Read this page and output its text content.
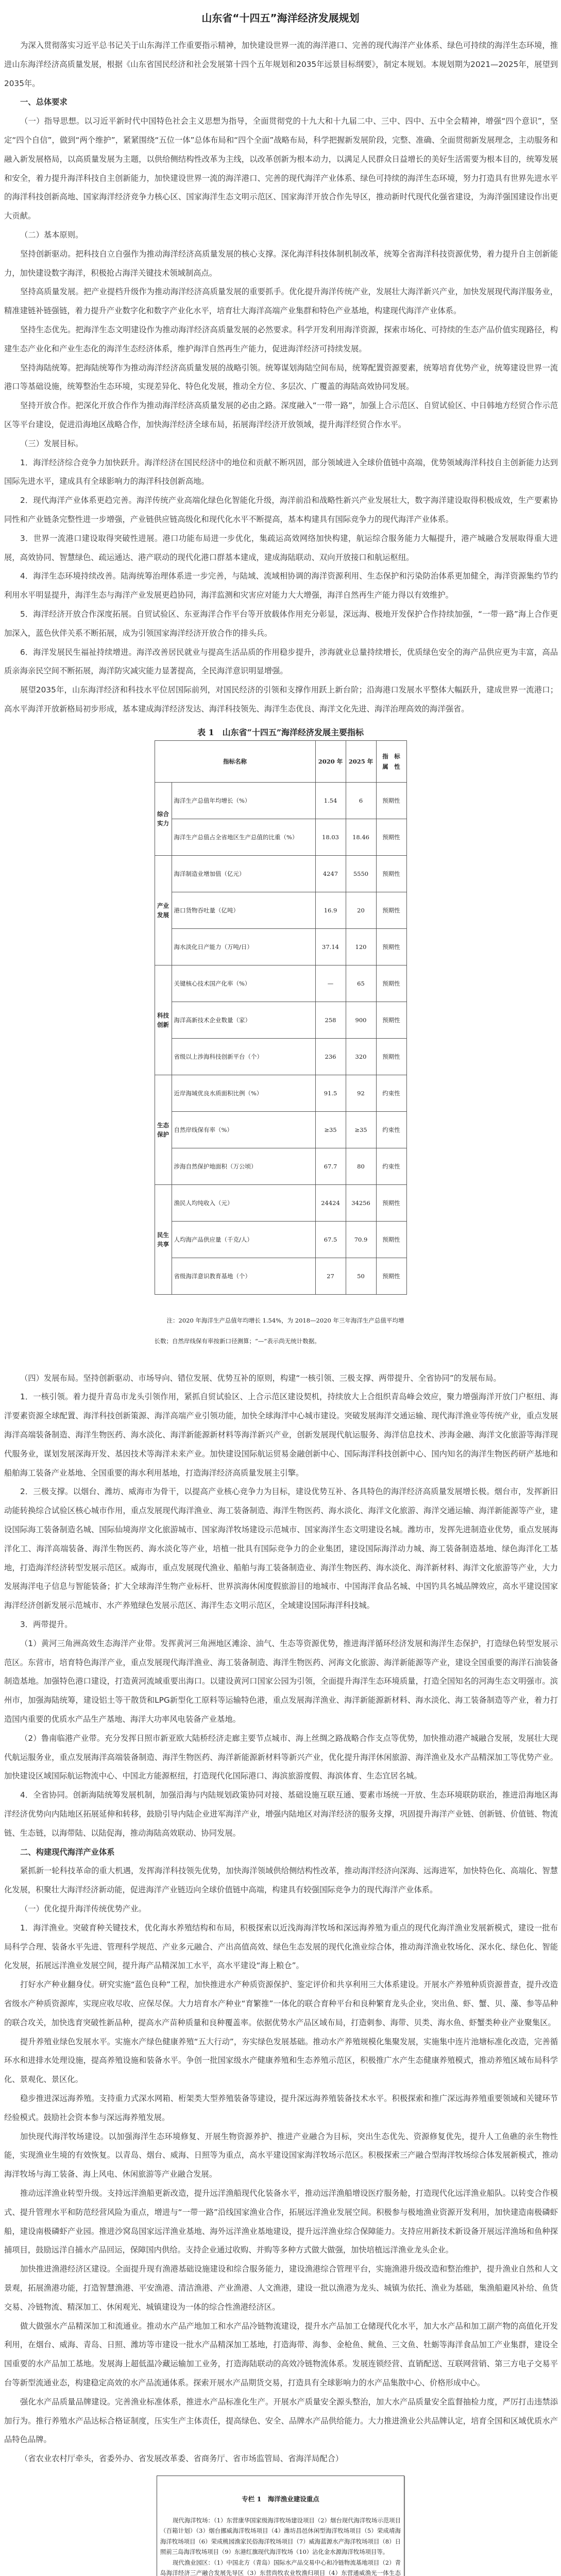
山东省“十四五”海洋经济发展规划

为深入贯彻落实习近平总书记关于山东海洋工作重要指示精神，加快建设世界一流的海洋港口、完善的现代海洋产业体系、绿色可持续的海洋生态环境，推进山东海洋经济高质量发展，根据《山东省国民经济和社会发展第十四个五年规划和2035年远景目标纲要》，制定本规划。本规划期为2021—2025年，展望到2035年。

一、总体要求

（一）指导思想。以习近平新时代中国特色社会主义思想为指导，全面贯彻党的十九大和十九届二中、三中、四中、五中全会精神，增强“四个意识”，坚定“四个自信”，做到“两个维护”，紧紧围绕“五位一体”总体布局和“四个全面”战略布局，科学把握新发展阶段，完整、准确、全面贯彻新发展理念，主动服务和融入新发展格局，以高质量发展为主题，以供给侧结构性改革为主线，以改革创新为根本动力，以满足人民群众日益增长的美好生活需要为根本目的，统筹发展和安全，着力提升海洋科技自主创新能力，加快建设世界一流的海洋港口、完善的现代海洋产业体系、绿色可持续的海洋生态环境，努力打造具有世界先进水平的海洋科技创新高地、国家海洋经济竞争力核心区、国家海洋生态文明示范区、国家海洋开放合作先导区，推动新时代现代化强省建设，为海洋强国建设作出更大贡献。

（二）基本原则。

坚持创新驱动。把科技自立自强作为推动海洋经济高质量发展的核心支撑。深化海洋科技体制机制改革，统筹全省海洋科技资源优势，着力提升自主创新能力，加快建设数字海洋，积极抢占海洋关键技术领域制高点。

坚持高质量发展。把产业提档升级作为推动海洋经济高质量发展的重要抓手。优化提升海洋传统产业，发展壮大海洋新兴产业，加快发展现代海洋服务业，精准建链补链强链，着力提升产业数字化和数字产业化水平，培育壮大海洋高端产业集群和特色产业基地，构建现代海洋产业体系。

坚持生态优先。把海洋生态文明建设作为推动海洋经济高质量发展的必然要求。科学开发利用海洋资源，探索市场化、可持续的生态产品价值实现路径，构建生态产业化和产业生态化的海洋生态经济体系，维护海洋自然再生产能力，促进海洋经济可持续发展。

坚持海陆统筹。把海陆统筹作为推动海洋经济高质量发展的战略引领。统筹谋划海陆空间布局，统筹配置资源要素，统筹培育优势产业，统筹建设世界一流港口等基础设施，统筹整治生态环境，实现差异化、特色化发展，推动全方位、多层次、广覆盖的海陆高效协同发展。

坚持开放合作。把深化开放合作作为推动海洋经济高质量发展的必由之路。深度融入“一带一路”，加强上合示范区、自贸试验区、中日韩地方经贸合作示范区等平台建设，促进沿海地区战略合作，加快海洋经济全球布局，拓展海洋经济开放领域，提升海洋经贸合作水平。

（三）发展目标。

1．海洋经济综合竞争力加快跃升。海洋经济在国民经济中的地位和贡献不断巩固，部分领域进入全球价值链中高端，优势领域海洋科技自主创新能力达到国际先进水平，建成具有全球影响力的海洋科技创新高地。

2．现代海洋产业体系更趋完善。海洋传统产业高端化绿色化智能化升级，海洋前沿和战略性新兴产业发展壮大，数字海洋建设取得积极成效，生产要素协同性和产业链条完整性进一步增强，产业链供应链高级化和现代化水平不断提高，基本构建具有国际竞争力的现代海洋产业体系。

3．世界一流港口建设取得突破性进展。港口功能布局进一步优化，集疏运高效网络加快构建，航运综合服务能力大幅提升，港产城融合发展取得重大进展，高效协同、智慧绿色、疏运通达、港产联动的现代化港口群基本建成，建成海陆联动、双向开放接口和航运枢纽。

4．海洋生态环境持续改善。陆海统筹治理体系进一步完善，与陆域、流域相协调的海洋资源利用、生态保护和污染防治体系更加健全，海洋资源集约节约利用水平明显提升，海洋生态与海洋产业发展更趋协同，海洋监测和灾害应对能力大大增强，海洋自然再生产能力得以有效维护。

5．海洋经济开放合作深度拓展。自贸试验区、东亚海洋合作平台等开放载体作用充分彰显，深远海、极地开发保护合作持续加强，“一带一路”海上合作更加深入，蓝色伙伴关系不断拓展，成为引领国家海洋经济开放合作的排头兵。

6．海洋发展民生福祉持续增进。海洋改善居民就业与提高生活品质的作用稳步提升，涉海就业总量持续增长，优质绿色安全的海产品供应更为丰富，高品质亲海亲民空间不断拓展，海洋防灾减灾能力显著提高，全民海洋意识明显增强。

展望2035年，山东海洋经济和科技水平位居国际前列，对国民经济的引领和支撑作用跃上新台阶；沿海港口发展水平整体大幅跃升，建成世界一流港口；高水平海洋开放新格局初步形成，基本建成海洋经济发达、海洋科技领先、海洋生态优良、海洋文化先进、海洋治理高效的海洋强省。

表 1　山东省“十四五”海洋经济发展主要指标
指标名称		2020 年	2025 年	指　标
属　性
综合实力	海洋生产总值年均增长（%）	1.54	6	预期性
	海洋生产总值占全省地区生产总值的比重（%）	18.03	18.46	预期性
产业发展	海洋制造业增加值（亿元）	4247	5550	预期性
	港口货物吞吐量（亿吨）	16.9	20	预期性
	海水淡化日产能力（万吨/日）	37.14	120	预期性
科技创新	关键核心技术国产化率（%）	—	65	预期性
	海洋高新技术企业数量（家）	258	900	预期性
	省级以上涉海科技创新平台（个）	236	320	预期性
生态保护	近岸海域优良水质面积比例（%）	91.5	92	约束性
	自然岸线保有率（%）	≥35	≥35	约束性
	涉海自然保护地面积（万公顷）	67.7	80	约束性
民生共享	渔民人均纯收入（元）	24424	34256	预期性
	人均海产品供应量（千克/人）	67.5	70.9	预期性
	省级海洋意识教育基地（个）	27	50	预期性
注：2020 年海洋生产总值年均增长 1.54%，为 2018—2020 年三年海洋生产总值平均增长数；自然岸线保有率按新口径测算；“—”表示尚无统计数据。

（四）发展布局。坚持创新驱动、市场导向、错位发展、优势互补的原则，构建“一核引领、三极支撑、两带提升、全省协同”的发展布局。

1．一核引领。着力提升青岛市龙头引领作用，紧抓自贸试验区、上合示范区建设契机，持续放大上合组织青岛峰会效应，聚力增强海洋开放门户枢纽、海洋要素资源全球配置、海洋科技创新策源、海洋高端产业引领功能，加快全球海洋中心城市建设。突破发展海洋交通运输、现代海洋渔业等传统产业，重点发展海洋高端装备制造、海洋生物医药、海水淡化、海洋新能源新材料等海洋新兴产业，创新发展现代航运服务、海洋信息技术、涉海金融、海洋文化旅游等海洋现代服务业，谋划发展深海开发、基因技术等海洋未来产业。加快建设国际航运贸易金融创新中心、国际海洋科技创新中心、国内知名的海洋生物医药研产基地和船舶海工装备产业基地、全国重要的海水利用基地，打造海洋经济高质量发展主引擎。

2．三极支撑。以烟台、潍坊、威海市为骨干，以提高产业核心竞争力为目标，建设优势互补、各具特色的海洋经济高质量发展增长极。烟台市，发挥新旧动能转换综合试验区核心城市作用，重点发展现代海洋渔业、海工装备制造、海洋生物医药、海水淡化、海洋文化旅游、海洋交通运输、海洋新能源等产业，建设国际海工装备制造名城、国际仙境海岸文化旅游城市、国家海洋牧场建设示范城市、国家海洋生态文明建设名城。潍坊市，发挥先进制造业优势，重点发展海洋化工、海洋高端装备、海洋生物医药、海水淡化等产业，培植一批具有国际竞争力的企业集团，建设国际海洋动力城、海工装备制造基地、绿色海洋化工基地，打造海洋经济转型发展示范区。威海市，重点发展现代渔业、船舶与海工装备制造业、海洋生物医药、海水淡化、海洋新材料、海洋文化旅游等产业，大力发展海洋电子信息与智能装备；扩大全球海洋生物产业标杆、世界滨海休闲度假旅游目的地城市、中国海洋食品名城、中国钓具名城品牌效应，高水平建设国家海洋经济创新发展示范城市、水产养殖绿色发展示范区、海洋生态文明示范区，全域建设国际海洋科技城。

3．两带提升。

（1）黄河三角洲高效生态海洋产业带。发挥黄河三角洲地区滩涂、油气、生态等资源优势，推进海洋循环经济发展和海洋生态保护，打造绿色转型发展示范区。东营市，培育特色海洋产业，重点发展现代海洋渔业、海工装备制造、海洋生物医药、河海文化旅游、海洋新能源等产业，建设全国重要的海洋石油装备制造基地。加强特色港口建设，打造黄河流域重要出海口。以建设黄河口国家公园为引领，全面提升海洋生态环境质量，打造全国知名的河海生态文明强市。滨州市，加强海陆统筹，建设铝土等干散货和LPG新型化工原料等运输特色港，重点发展海洋渔业、海洋新能源新材料、海水淡化、海工装备制造等产业，着力打造国内重要的优质水产品生产基地、海洋大功率风电装备产业基地。

（2）鲁南临港产业带。充分发挥日照市新亚欧大陆桥经济走廊主要节点城市、海上丝绸之路战略合作支点等优势，加快推动港产城融合发展，发展壮大现代航运服务业，重点发展海洋高端装备制造、海洋生物医药、海洋新能源新材料等新兴产业，优化提升海洋休闲旅游、海洋渔业及水产品精深加工等优势产业。加快建设区域国际航运物流中心、中国北方能源枢纽，打造现代化国际港口、海滨旅游度假、海滨体育、生态宜居名城。

4．全省协同。创新海陆统筹发展机制，加强沿海与内陆规划政策协同对接、基础设施互联互通、要素市场统一开放、生态环境联防联治，推进沿海地区海洋经济优势向内陆地区拓展延伸和转移，鼓励引导内陆企业进军海洋产业，增强内陆地区对海洋经济的服务支撑，巩固提升海洋产业链、创新链、价值链、物流链、生态链，以海带陆、以陆促海，推动海陆高效联动、协同发展。

二、构建现代海洋产业体系

紧抓新一轮科技革命的重大机遇，发挥海洋科技领先优势，加快海洋领域供给侧结构性改革，推动海洋经济向深海、远海进军，加快特色化、高端化、智慧化发展，积聚壮大海洋经济新动能，促进海洋产业链迈向全球价值链中高端，构建具有较强国际竞争力的现代海洋产业体系。

（一）优化提升海洋传统优势产业。

1．海洋渔业。突破育种关键技术，优化海水养殖结构和布局，积极探索以近浅海海洋牧场和深远海养殖为重点的现代化海洋渔业发展新模式，建设一批布局科学合理、装备水平先进、管理科学规范、产业多元融合、产出高值高效、绿色生态发展的现代化渔业综合体，推动海洋渔业牧场化、深水化、绿色化、智能化发展，拓展远洋渔业发展空间，提升海产品精深加工水平，高水平建设“海上粮仓”。

打好水产种业翻身仗。研究实施“蓝色良种”工程，加快推进水产种质资源保护、鉴定评价和共享利用三大体系建设。开展水产养殖种质资源普查，提升改造省级水产种质资源库，实现应收尽收、应保尽保。大力培育水产种业“育繁推”一体化的联合育种平台和良种繁育龙头企业，突出鱼、虾、蟹、贝、藻、参等品种的联合攻关，加快选育突破性新品种，提高水产苗种质量和良种覆盖率。依据优势水产品区域布局，打造刺参、海带、贝类、海水鱼、虾蟹类种业产业聚集区。

提升养殖业绿色发展水平。实施水产绿色健康养殖“五大行动”，夯实绿色发展基础。推动水产养殖规模化集聚发展，实施集中连片池塘标准化改造，完善循环水和进排水处理设施，提高养殖设施和装备水平。争创一批国家级水产健康养殖和生态养殖示范区，积极推广水产生态健康养殖模式，推动养殖区域布局科学化、景观化、景区化。

稳步推进深远海养殖。支持重力式深水网箱、桁架类大型养殖装备等建设，提升深远海养殖装备技术水平。积极探索和推广深远海养殖重要领域和关键环节经验模式。鼓励社会资本参与深远海养殖发展。

加快现代海洋牧场建设。以加强海洋生态环境修复、开展生物资源养护、推进产业融合为目标，突出生态优先、资源修复优先，提升人工鱼礁的亲生物性能，实现渔业生境的有效恢复。以青岛、烟台、威海、日照等为重点，高水平建设国家海洋牧场示范区。积极探索三产融合型海洋牧场综合体发展新模式，推动海洋牧场与海工装备、海上风电、休闲旅游等产业融合发展。

推动远洋渔业转型升级。支持远洋渔船更新改造，提升远洋渔船现代化装备水平，推动远洋渔船增设医疗服务舱，打造现代化远洋渔业船队。以转变合作模式、提升管理水平和防范经营风险为重点，增进与“一带一路”沿线国家渔业合作，拓展远洋渔业发展空间。积极参与极地渔业资源开发利用，加快建造南极磷虾船，建设南极磷虾产业园。推进沙窝岛国家远洋渔业基地、海外远洋渔业基地建设，提升远洋渔业综合保障能力。支持应用新技术新设备开展远洋渔场和鱼种探捕项目，鼓励远洋自捕水产品回运，保障国内供给。支持企业通过收购、并购等多种方式做大做强，加快培植远洋渔业龙头企业。

加快推进渔港经济区建设。全面提升现有渔港基础设施建设和综合服务能力，建设渔港综合管理平台，实施渔港升级改造和整治维护，提升渔业自然和人文景观，拓展渔港功能，打造智慧渔港、平安渔港、清洁渔港、产业渔港、人文渔港，建设一批以渔港为龙头、城镇为依托、渔业为基础，集渔船避风补给、鱼货交易、冷链物流、精深加工、休闲观光、城镇建设为一体的综合性渔港经济区。

做大做强水产品精深加工和流通业。推动水产品产地加工和水产品冷链物流建设，提升水产品加工仓储现代化水平，加大水产品和加工副产物的高值化开发利用，在烟台、威海、青岛、日照、潍坊等市建设一批水产品精深加工基地，打造海带、海参、金枪鱼、鱿鱼、三文鱼、牡蛎等海洋食品加工产业集群，建设全国重要的水产品加工基地。发展海上超低温冷藏运输加工业务，打造海陆联动的高效冷链物流体系。发展连锁经营、直销配送、互联网营销、第三方电子交易平台等新型流通业态，构建稳定高效的水产品流通体系。探索开展水产品期货交易，打造具有全球影响力的水产品集散中心、价格形成中心。

强化水产品质量品牌建设。完善渔业标准体系，推进水产品标准化生产。开展水产质量安全源头整治，加大水产品质量安全监督抽检力度，严厉打击违禁添加行为。推行养殖水产品达标合格证制度，压实生产主体责任，提高绿色、安全、品牌水产品供给能力。大力推进渔业公共品牌认定，培育全国和区域优质水产品特色品牌。

（省农业农村厅牵头，省委外办、省发展改革委、省商务厅、省市场监管局、省海洋局配合）

专栏 1　海洋渔业建设重点

现代海洋牧场：（1）东营康华国家级海洋牧场建设项目（2）烟台现代海洋牧场示范项目（百箱计划）（3）烟台挪威海洋牧场项目（4）潍坊昌邑休闲型海洋牧场项目（5）荣成靖海海洋牧场项目（6）荣成桃园渔家民俗海洋牧场项目（7）威海蓝源水产海洋牧场项目（8）日照前三岛海洋牧场项目（9）东港红旗现代海洋牧场（10）沾化金水源海洋牧场项目等。

现代渔业园区：（1）中国北方（青岛）国际水产品交易中心和冷链物流基地项目（2）青岛海洋经济三产融合发展先导区（3）东营尚牧农业牧渔归项目（4）东营通威渔光一体生态
